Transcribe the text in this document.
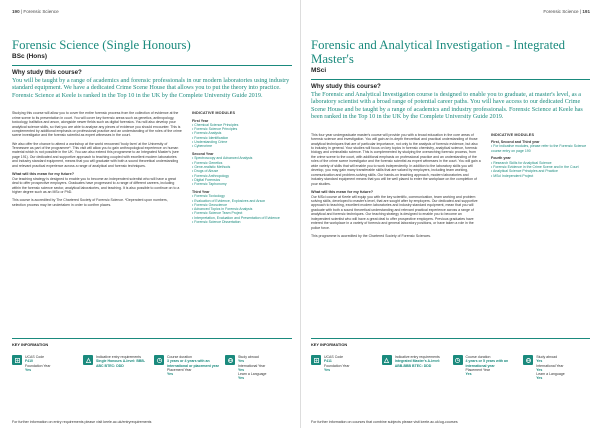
190 | Forensic Science
Forensic Science (Single Honours)
BSc (Hons)
Why study this course?
You will be taught by a range of academics and forensic professionals in our modern laboratories using industry standard equipment. We have a dedicated Crime Scene House that allows you to put the theory into practice. Forensic Science at Keele is ranked in the Top 10 in the UK by the Complete University Guide 2019.

Studying this course will allow you to cover the entire forensic process from the collection of evidence at the crime scene to its presentation in court. You will cover key forensic areas such as genetics, anthropology, toxicology, ballistics and arson, alongside newer fields such as digital forensics. You will also develop your analytical science skills, so that you are able to analyse any pieces of evidence you should encounter. This is complemented by additional emphasis on professional practice and an understanding of the roles of the crime scene investigator and the forensic scientist as expert witnesses in the court.

We also offer the chance to attend a workshop at the world renowned 'body farm' at the University of Tennessee as part of the programme*. This visit will allow you to gain anthropological experience on human material which is not possible in the UK. You can also extend this programme to an Integrated Master's (see page 191). Our dedicated and supportive approach to teaching coupled with excellent modern laboratories and industry standard equipment, means that you will graduate with both a sound theoretical understanding and relevant practical experience across a range of analytical and forensic techniques.

What will this mean for my future?

Our teaching strategy is designed to enable you to become an independent scientist who will have a great deal to offer prospective employers. Graduates have progressed to a range of different careers, including within the forensic science sector, analytical laboratories, and teaching. It is also possible to continue on to a higher degree such as an MSc or PhD.

This course is accredited by The Chartered Society of Forensic Science. *Dependent upon numbers, selection process may be undertaken in order to confirm places.

INDICATIVE MODULES
First Year
• Chemical Science Principles
• Forensic Science Principles
• Forensic Analysis
• Forensic Identification
• Understanding Crime
• Cybercrime
Second Year
• Spectroscopy and Advanced Analysis
• Forensic Genetics
• Gene-realistic Methods
• Drugs of Abuse
• Forensic Anthropology
• Digital Forensics
• Forensic Taphonomy
Third Year
• Forensic Toxicology
• Evaluation of Evidence, Explosives and Arson
• Forensic Geoscience
• Advanced Topics in Forensic Analysis
• Forensic Science Team Project
• Interpretation, Evaluation and Presentation of Evidence
• Forensic Science Dissertation
KEY INFORMATION
UCAS Code
F410
Foundation Year
Yes
Indicative entry requirements
Single Honours A-level: BBB-ABC BTEC: DDD
Course duration
3 years or 4 years with an international or placement year
Placement Year
Yes
Study abroad
Yes
International Year
Yes
Learn a Language
Yes
For further information on entry requirements please visit keele.ac.uk/entryrequirements
Forensic Science | 191
Forensic and Analytical Investigation - Integrated Master's
MSci
Why study this course?
The Forensic and Analytical Investigation course is designed to enable you to graduate, at master's level, as a laboratory scientist with a broad range of potential career paths. You will have access to our dedicated Crime Scene House and be taught by a range of academics and industry professionals. Forensic Science at Keele has been ranked in the Top 10 in the UK by the Complete University Guide 2019.

This four year undergraduate master's course will provide you with a broad education in the core areas of forensic science and investigation. You will gain an in-depth theoretical and practical understanding of those analytical techniques that are of particular importance, not only to the analysis of forensic evidence, but also to industry in general. Your studies will focus on key topics in forensic chemistry, analytical science, forensic biology and criminalistic science. This is complemented by studying the overarching forensic process, from the crime scene to the court, with additional emphasis on professional practice and an understanding of the roles of the crime scene investigator and the forensic scientist as expert witnesses in the court. You will gain a wide variety of skills that will enable you to work independently. In addition to the laboratory skills you will develop, you may gain many transferable skills that are valued by employers, including team working, communication and problem-solving skills. Our hands-on teaching approach, modern laboratories and industry standard equipment means that you will be well placed to enter the workplace on the completion of your studies.

What will this mean for my future?

Our MSci course at Keele will equip you with the key scientific, communication, team working and problem solving skills, developed to master's level, that are sought after by employers. Our dedicated and supportive approach to teaching, excellent modern laboratories and industry standard equipment, mean that you will graduate with both a sound theoretical understanding and relevant practical experience across a range of analytical and forensic techniques. Our teaching strategy is designed to enable you to become an independent scientist who will have a great deal to offer prospective employers. Previous graduates have entered the workplace in a variety of forensic and general laboratory positions, or have taken a role in the police force.

This programme is accredited by the Chartered Society of Forensic Sciences.

INDICATIVE MODULES
First, Second and Third year
• For indicative modules, please refer to the Forensic Science course entry on page 190
Fourth year
• Research Skills for Analytical Science
• Forensic Evidence in the Crime Scene and in the Court
• Analytical Science Principles and Practice
• MSci Independent Project
KEY INFORMATION
UCAS Code
F411
Foundation Year
Yes
Indicative entry requirements
Integrated Master's A-level: ABB-BBB BTEC: DDD
Course duration
4 years or 5 years with an international year
Placement Year
Yes
Study abroad
Yes
International Year
Yes
Learn a Language
Yes
For further information on courses that combine subjects please visit keele.ac.uk/ug-courses
